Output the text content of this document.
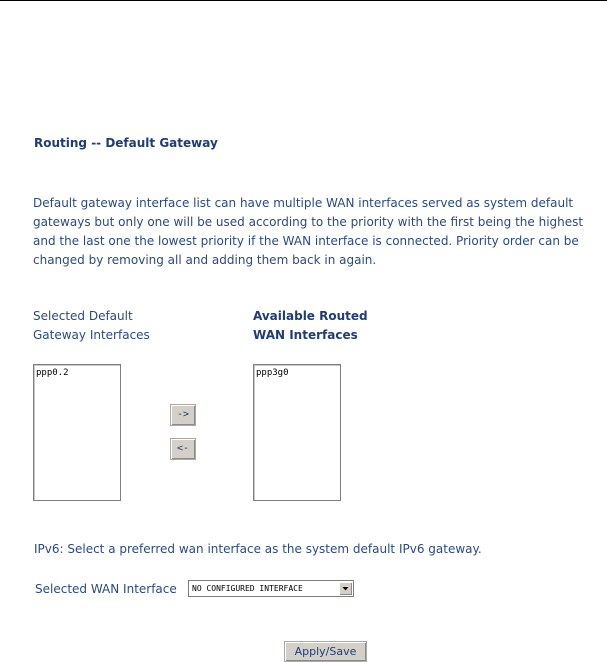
Routing -- Default Gateway
Default gateway interface list can have multiple WAN interfaces served as system default gateways but only one will be used according to the priority with the first being the highest and the last one the lowest priority if the WAN interface is connected. Priority order can be changed by removing all and adding them back in again.
Selected Default
Gateway Interfaces
Available Routed
WAN Interfaces
ppp0.2
->
<-
ppp3g0
IPv6: Select a preferred wan interface as the system default IPv6 gateway.
Selected WAN Interface NO CONFIGURED INTERFACE
Apply/Save
